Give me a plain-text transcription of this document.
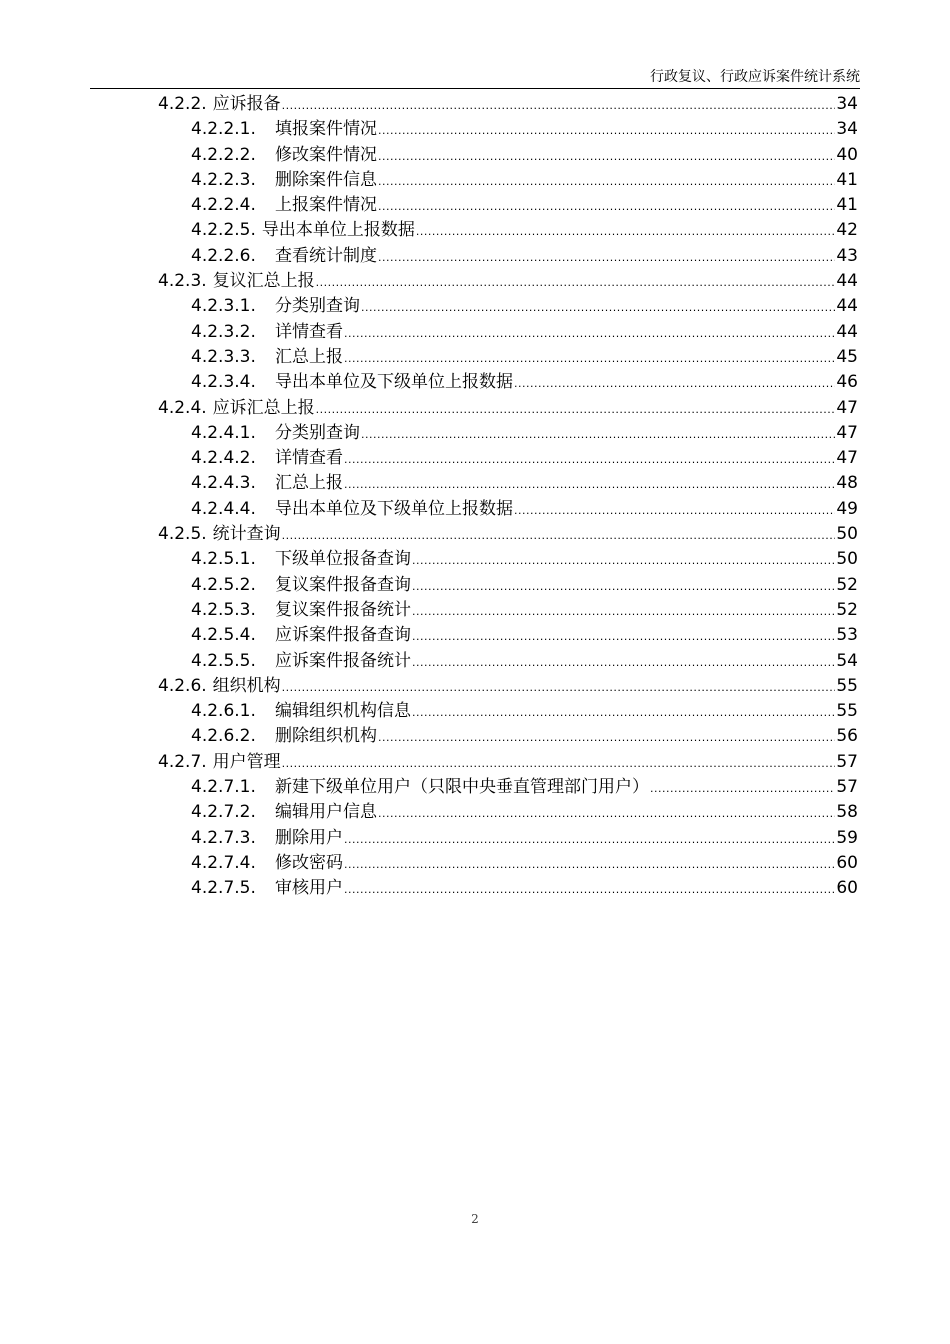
行政复议、行政应诉案件统计系统
4.2.2. 应诉报备 .....	34
4.2.2.1.	填报案件情况 .....	34
4.2.2.2.	修改案件情况 .....	40
4.2.2.3.	删除案件信息 .....	41
4.2.2.4.	上报案件情况 .....	41
4.2.2.5. 导出本单位上报数据 .....	42
4.2.2.6.	查看统计制度 .....	43
4.2.3. 复议汇总上报 .....	44
4.2.3.1.	分类别查询 .....	44
4.2.3.2.	详情查看 .....	44
4.2.3.3.	汇总上报 .....	45
4.2.3.4.	导出本单位及下级单位上报数据 .....	46
4.2.4. 应诉汇总上报 .....	47
4.2.4.1.	分类别查询 .....	47
4.2.4.2.	详情查看 .....	47
4.2.4.3.	汇总上报 .....	48
4.2.4.4.	导出本单位及下级单位上报数据 .....	49
4.2.5. 统计查询 .....	50
4.2.5.1.	下级单位报备查询 .....	50
4.2.5.2.	复议案件报备查询 .....	52
4.2.5.3.	复议案件报备统计 .....	52
4.2.5.4.	应诉案件报备查询 .....	53
4.2.5.5.	应诉案件报备统计 .....	54
4.2.6. 组织机构 .....	55
4.2.6.1.	编辑组织机构信息 .....	55
4.2.6.2.	删除组织机构 .....	56
4.2.7. 用户管理 .....	57
4.2.7.1.	新建下级单位用户（只限中央垂直管理部门用户） .....	57
4.2.7.2.	编辑用户信息 .....	58
4.2.7.3.	删除用户 .....	59
4.2.7.4.	修改密码 .....	60
4.2.7.5.	审核用户 .....	60
2
